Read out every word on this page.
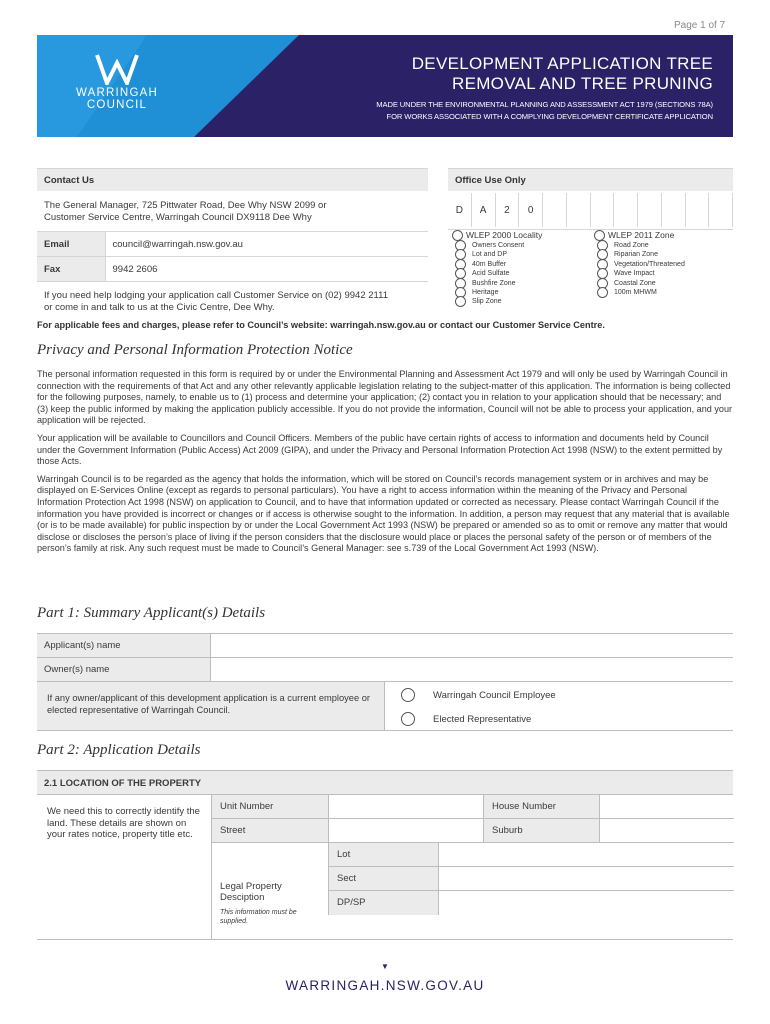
Page 1 of 7
WARRINGAH
COUNCIL
DEVELOPMENT APPLICATION TREE
REMOVAL AND TREE PRUNING
MADE UNDER THE ENVIRONMENTAL PLANNING AND ASSESSMENT ACT 1979 (SECTIONS 78A)
FOR WORKS ASSOCIATED WITH A COMPLYING DEVELOPMENT CERTIFICATE APPLICATION
Contact Us
The General Manager, 725 Pittwater Road, Dee Why NSW 2099 or
Customer Service Centre, Warringah Council DX9118 Dee Why
Email	council@warringah.nsw.gov.au
Fax	9942 2606
If you need help lodging your application call Customer Service on (02) 9942 2111
or come in and talk to us at the Civic Centre, Dee Why.
Office Use Only
D	A	2	0
WLEP 2000 Locality	WLEP 2011 Zone
Owners Consent
Lot and DP
40m Buffer
Acid Sulfate
Bushfire Zone
Heritage
Slip Zone
Road Zone
Riparian Zone
Vegetation/Threatened
Wave Impact
Coastal Zone
100m MHWM
For applicable fees and charges, please refer to Council’s website: warringah.nsw.gov.au or contact our Customer Service Centre.
Privacy and Personal Information Protection Notice

The personal information requested in this form is required by or under the Environmental Planning and Assessment Act 1979 and will only be used by Warringah Council in connection with the requirements of that Act and any other relevantly applicable legislation relating to the subject-matter of this application. The information is being collected for the following purposes, namely, to enable us to (1) process and determine your application; (2) contact you in relation to your application should that be necessary; and (3) keep the public informed by making the application publicly accessible. If you do not provide the information, Council will not be able to process your application, and your application will be rejected.

Your application will be available to Councillors and Council Officers. Members of the public have certain rights of access to information and documents held by Council under the Government Information (Public Access) Act 2009 (GIPA), and under the Privacy and Personal Information Protection Act 1998 (NSW) to the extent permitted by those Acts.

Warringah Council is to be regarded as the agency that holds the information, which will be stored on Council’s records management system or in archives and may be displayed on E-Services Online (except as regards to personal particulars). You have a right to access information within the meaning of the Privacy and Personal Information Protection Act 1998 (NSW) on application to Council, and to have that information updated or corrected as necessary. Please contact Warringah Council if the information you have provided is incorrect or changes or if access is otherwise sought to the information. In addition, a person may request that any material that is available (or is to be made available) for public inspection by or under the Local Government Act 1993 (NSW) be prepared or amended so as to omit or remove any matter that would disclose or discloses the person’s place of living if the person considers that the disclosure would place or places the personal safety of the person or of members of the person’s family at risk. Any such request must be made to Council’s General Manager: see s.739 of the Local Government Act 1993 (NSW).

Part 1: Summary Applicant(s) Details
Applicant(s) name
Owner(s) name
If any owner/applicant of this development application is a current employee or elected representative of Warringah Council.
Warringah Council Employee
Elected Representative
Part 2: Application Details
2.1 LOCATION OF THE PROPERTY
We need this to correctly identify the land. These details are shown on your rates notice, property title etc.
Unit Number	House Number
Street	Suburb
Legal Property Desciption
This information must be supplied.
Lot
Sect
DP/SP
▼
WARRINGAH.NSW.GOV.AU
